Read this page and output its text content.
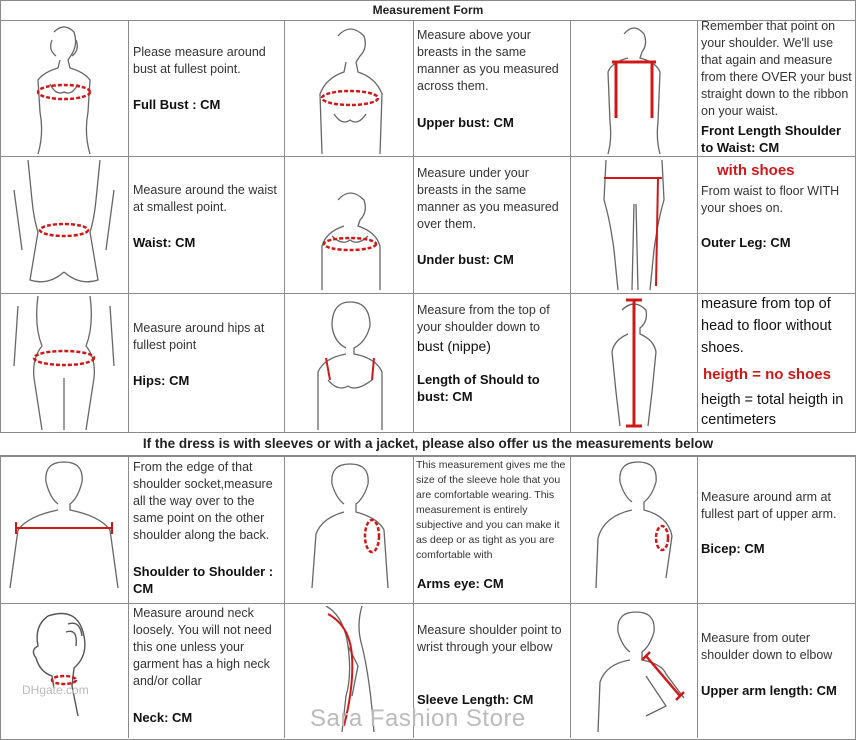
Measurement Form
If the dress is with sleeves or with a jacket, please also offer us the measurements below
Please measure around bust at fullest point.
Full Bust : CM
Measure above your breasts in the same manner as you measured across them.
Upper bust: CM
Remember that point on your shoulder. We'll use that again and measure from there OVER your bust straight down to the ribbon on your waist.
Front Length Shoulder to Waist: CM
Measure around the waist at smallest point.
Waist: CM
Measure under your breasts in the same manner as you measured over them.
Under bust: CM
with shoes
From waist to floor WITH your shoes on.
Outer Leg: CM
Measure around hips at fullest point
Hips: CM
Measure from the top of your shoulder down to
bust (nippe)
Length of Should to bust: CM
measure from top of head to floor without shoes.
heigth = no shoes
heigth = total heigth in centimeters
From the edge of that shoulder socket,measure all the way over to the same point on the other shoulder along the back.
Shoulder to Shoulder : CM
This measurement gives me the size of the sleeve hole that you are comfortable wearing. This measurement is entirely subjective and you can make it as deep or as tight as you are comfortable with
Arms eye: CM
Measure around arm at fullest part of upper arm.
Bicep: CM
DHgate.com
Measure around neck loosely. You will not need this one unless your garment has a high neck and/or collar
Neck: CM
Measure shoulder point to wrist through your elbow
Sleeve Length: CM
Measure from outer shoulder down to elbow
Upper arm length: CM
Sara Fashion Store
